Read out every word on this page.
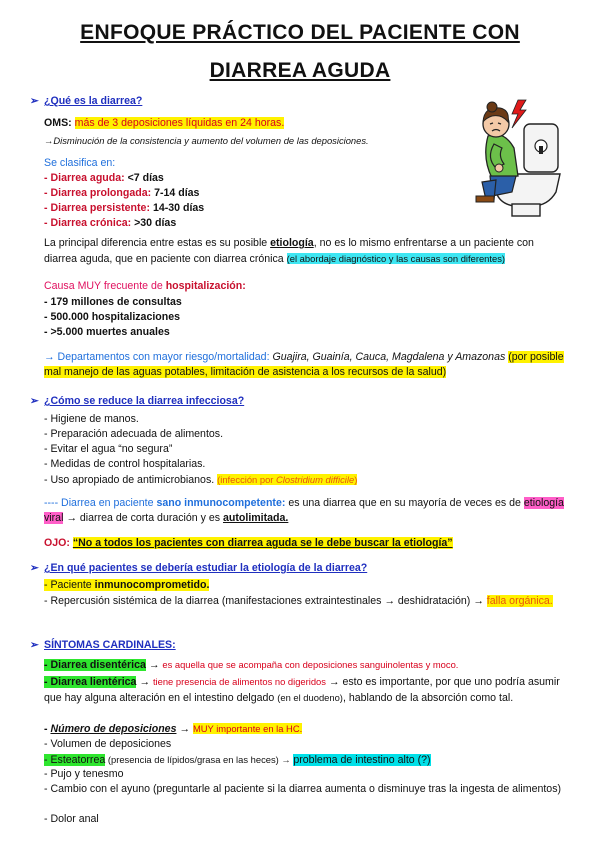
ENFOQUE PRÁCTICO DEL PACIENTE CON
DIARREA AGUDA
➢ ¿Qué es la diarrea?
OMS: más de 3 deposiciones líquidas en 24 horas.
→Disminución de la consistencia y aumento del volumen de las deposiciones.
Se clasifica en:
- Diarrea aguda: <7 días
- Diarrea prolongada: 7-14 días
- Diarrea persistente: 14-30 días
- Diarrea crónica: >30 días
La principal diferencia entre estas es su posible etiología, no es lo mismo enfrentarse a un paciente con diarrea aguda, que en paciente con diarrea crónica (el abordaje diagnóstico y las causas son diferentes)
Causa MUY frecuente de hospitalización:
- 179 millones de consultas
- 500.000 hospitalizaciones
- >5.000 muertes anuales
→ Departamentos con mayor riesgo/mortalidad: Guajira, Guainía, Cauca, Magdalena y Amazonas (por posible mal manejo de las aguas potables, limitación de asistencia a los recursos de la salud)
➢ ¿Cómo se reduce la diarrea infecciosa?
- Higiene de manos.
- Preparación adecuada de alimentos.
- Evitar el agua “no segura”
- Medidas de control hospitalarias.
- Uso apropiado de antimicrobianos. (infección por Clostridium difficile)
---- Diarrea en paciente sano inmunocompetente: es una diarrea que en su mayoría de veces es de etiología viral → diarrea de corta duración y es autolimitada.
OJO: “No a todos los pacientes con diarrea aguda se le debe buscar la etiología”
➢ ¿En qué pacientes se debería estudiar la etiología de la diarrea?
- Paciente inmunocomprometido.
- Repercusión sistémica de la diarrea (manifestaciones extraintestinales → deshidratación) → falla orgánica.
➢ SÍNTOMAS CARDINALES:
- Diarrea disentérica → es aquella que se acompaña con deposiciones sanguinolentas y moco.
- Diarrea lientérica → tiene presencia de alimentos no digeridos → esto es importante, por que uno podría asumir que hay alguna alteración en el intestino delgado (en el duodeno), hablando de la absorción como tal.
- Número de deposiciones → MUY importante en la HC.
- Volumen de deposiciones
- Esteatorrea (presencia de lípidos/grasa en las heces) → problema de intestino alto (?)
- Pujo y tenesmo
- Cambio con el ayuno (preguntarle al paciente si la diarrea aumenta o disminuye tras la ingesta de alimentos)
- Dolor anal
